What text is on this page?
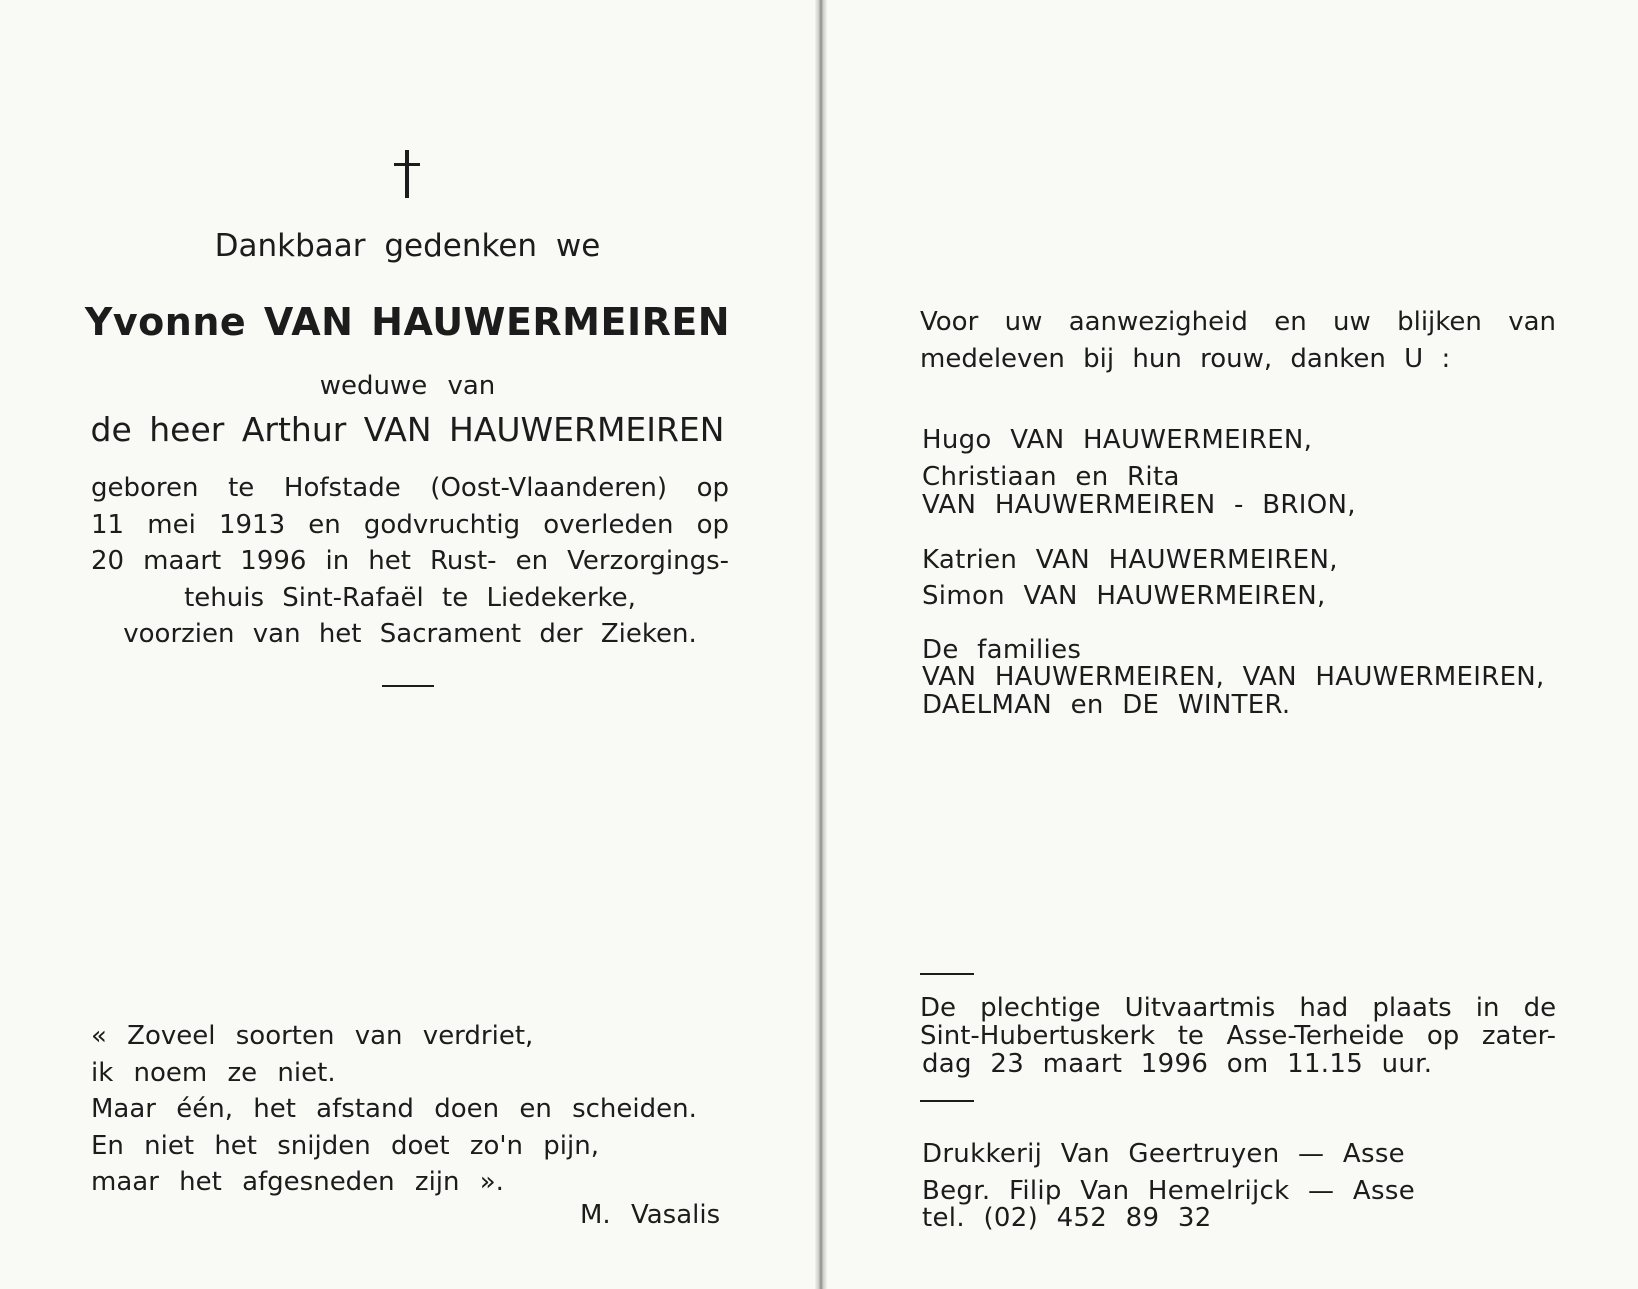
Dankbaar gedenken we
Yvonne VAN HAUWERMEIREN
weduwe van
de heer Arthur VAN HAUWERMEIREN
geboren te Hofstade (Oost-Vlaanderen) op
11 mei 1913 en godvruchtig overleden op
20 maart 1996 in het Rust- en Verzorgings-
tehuis Sint-Rafaël te Liedekerke,
voorzien van het Sacrament der Zieken.
« Zoveel soorten van verdriet,
ik noem ze niet.
Maar één, het afstand doen en scheiden.
En niet het snijden doet zo'n pijn,
maar het afgesneden zijn ».
M. Vasalis
Voor uw aanwezigheid en uw blijken van
medeleven bij hun rouw, danken U :
Hugo VAN HAUWERMEIREN,
Christiaan en Rita
VAN HAUWERMEIREN - BRION,
Katrien VAN HAUWERMEIREN,
Simon VAN HAUWERMEIREN,
De families
VAN HAUWERMEIREN, VAN HAUWERMEIREN,
DAELMAN en DE WINTER.
De plechtige Uitvaartmis had plaats in de
Sint-Hubertuskerk te Asse-Terheide op zater-
dag 23 maart 1996 om 11.15 uur.
Drukkerij Van Geertruyen — Asse
Begr. Filip Van Hemelrijck — Asse
tel. (02) 452 89 32
